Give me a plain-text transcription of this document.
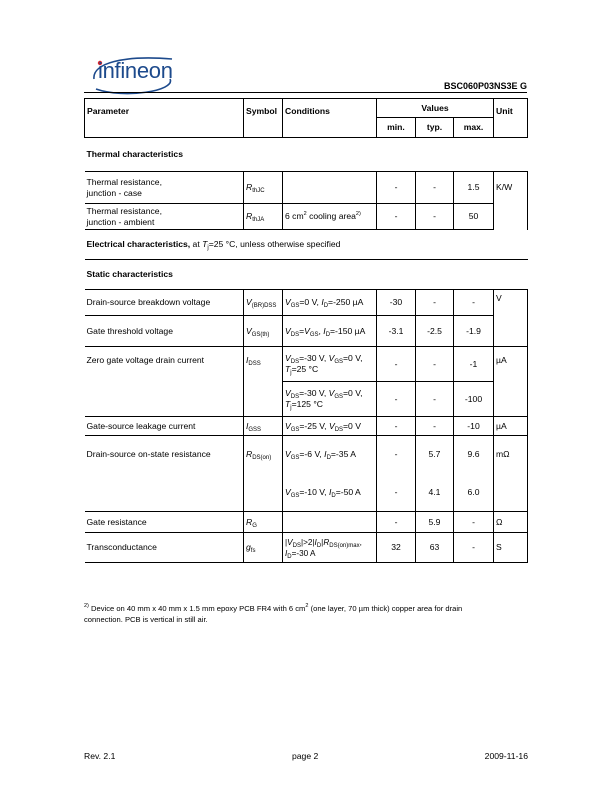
infineon
BSC060P03NS3E G
Parameter	Symbol	Conditions	Values			Unit
			min.	typ.	max.	
Thermal characteristics						
Thermal resistance,
junction - case	$R_{thJC}$		-	-	1.5	K/W
Thermal resistance,
junction - ambient	$R_{thJA}$	6 $cm^2$ cooling area$^{2)}$	-	-	50	
Electrical characteristics, at $T_j=25$ °C, unless otherwise specified						
Static characteristics						
Drain-source breakdown voltage	$V_{(BR)DSS}$	$V_{GS}=0$ V, $I_D=-250$ µA	-30	-	-	V
Gate threshold voltage	$V_{GS(th)}$	$V_{DS}=V_{GS}$, $I_D=-150$ µA	-3.1	-2.5	-1.9	
Zero gate voltage drain current	$I_{DSS}$	$V_{DS}=-30$ V, $V_{GS}=0$ V,
$T_j=25$ °C	-	-	-1	µA
		$V_{DS}=-30$ V, $V_{GS}=0$ V,
$T_j=125$ °C	-	-	-100	
Gate-source leakage current	$I_{GSS}$	$V_{GS}=-25$ V, $V_{DS}=0$ V	-	-	-10	µA
Drain-source on-state resistance	$R_{DS(on)}$	$V_{GS}=-6$ V, $I_D=-35$ A	-	5.7	9.6	mΩ
		$V_{GS}=-10$ V, $I_D=-50$ A	-	4.1	6.0	
Gate resistance	$R_G$		-	5.9	-	Ω
Transconductance	$g_{fs}$	$|V_{DS}|>2|I_D|R_{DS(on)max}$,
$I_D=-30$ A	32	63	-	S
$^{2)}$ Device on 40 mm x 40 mm x 1.5 mm epoxy PCB FR4 with 6 $cm^2$ (one layer, 70 µm thick) copper area for drain
connection. PCB is vertical in still air.
Rev. 2.1	page 2	2009-11-16
